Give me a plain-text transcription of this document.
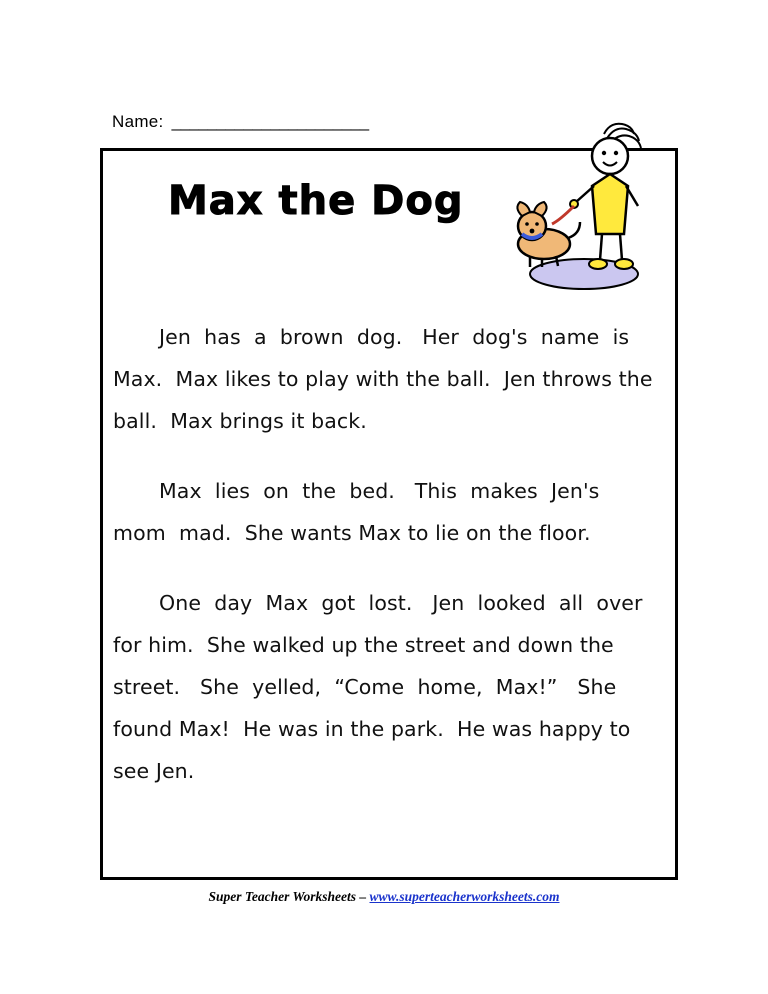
Name: ______________________
Max the Dog

Jen  has  a  brown  dog.   Her  dog's  name  is  Max.  Max likes to play with the ball.  Jen throws the ball.  Max brings it back.

Max  lies  on  the  bed.   This  makes  Jen's  mom  mad.  She wants Max to lie on the floor.

One  day  Max  got  lost.   Jen  looked  all  over  for him.  She walked up the street and down the street.   She  yelled,  “Come  home,  Max!”   She found Max!  He was in the park.  He was happy to see Jen.

Super Teacher Worksheets – www.superteacherworksheets.com
